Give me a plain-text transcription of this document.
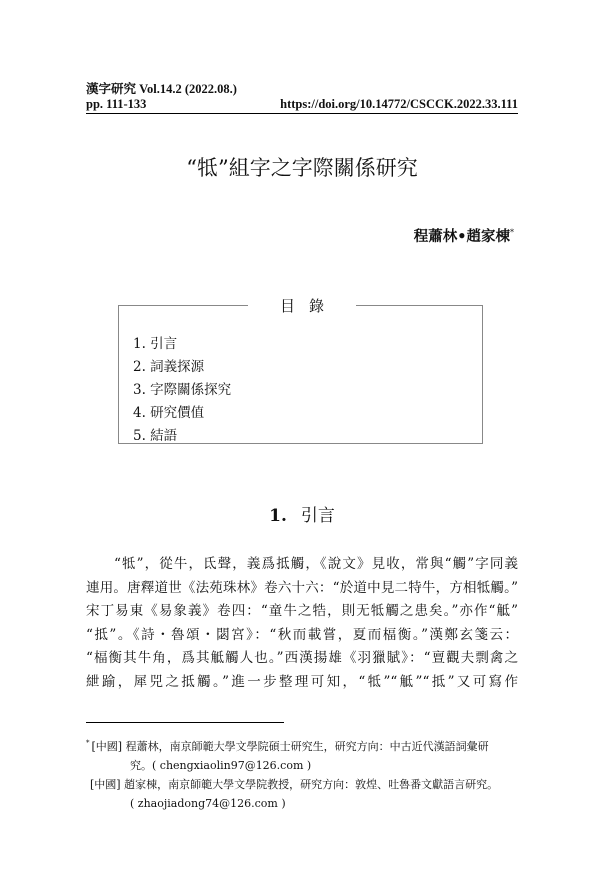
漢字研究 Vol.14.2 (2022.08.)
pp. 111-133	https://doi.org/10.14772/CSCCK.2022.33.111
“牴”組字之字際關係研究
程蕭林•趙家棟*
目錄
1. 引言
2. 詞義探源
3. 字際關係探究
4. 研究價值
5. 結語
1. 引言
“牴”，從牛，氐聲，義爲抵觸，《說文》見收，常與“觸”字同義
連用。唐釋道世《法苑珠林》卷六十六：“於道中見二特牛，方相牴觸。”
宋丁易東《易象義》卷四：“童牛之牿，則无牴觸之患矣。”亦作“觝”
“抵”。《詩・魯頌・閟宮》：“秋而載嘗，夏而楅衡。”漢鄭玄箋云：
“楅衡其牛角，爲其觝觸人也。”西漢揚雄《羽獵賦》：“亶觀夫剽禽之
紲踰，犀兕之抵觸。”進一步整理可知，“牴”“觝”“抵”又可寫作
* [中國] 程蕭林，南京師範大學文學院碩士研究生，研究方向：中古近代漢語詞彙研
究。( chengxiaolin97@126.com )
[中國] 趙家棟，南京師範大學文學院教授，研究方向：敦煌、吐魯番文獻語言研究。
( zhaojiadong74@126.com )
